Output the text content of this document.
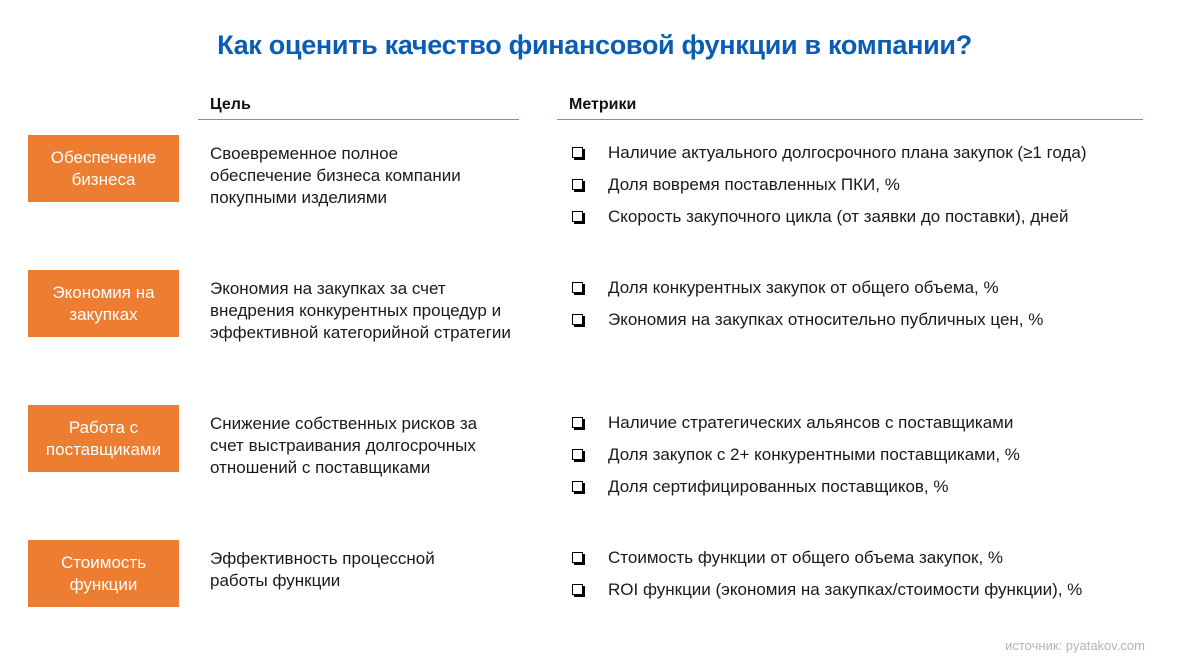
Как оценить качество финансовой функции в компании?
Цель	Метрики
Обеспечение бизнеса
Своевременное полное обеспечение бизнеса компании покупными изделиями
Наличие актуального долгосрочного плана закупок (≥1 года)
Доля вовремя поставленных ПКИ, %
Скорость закупочного цикла (от заявки до поставки), дней
Экономия на закупках
Экономия на закупках за счет внедрения конкурентных процедур и эффективной категорийной стратегии
Доля конкурентных закупок от общего объема, %
Экономия на закупках относительно публичных цен, %
Работа с поставщиками
Снижение собственных рисков за счет выстраивания долгосрочных отношений с поставщиками
Наличие стратегических альянсов с поставщиками
Доля закупок с 2+ конкурентными поставщиками, %
Доля сертифицированных поставщиков, %
Стоимость функции
Эффективность процессной работы функции
Стоимость функции от общего объема закупок, %
ROI функции (экономия на закупках/стоимости функции), %
источник: pyatakov.com
